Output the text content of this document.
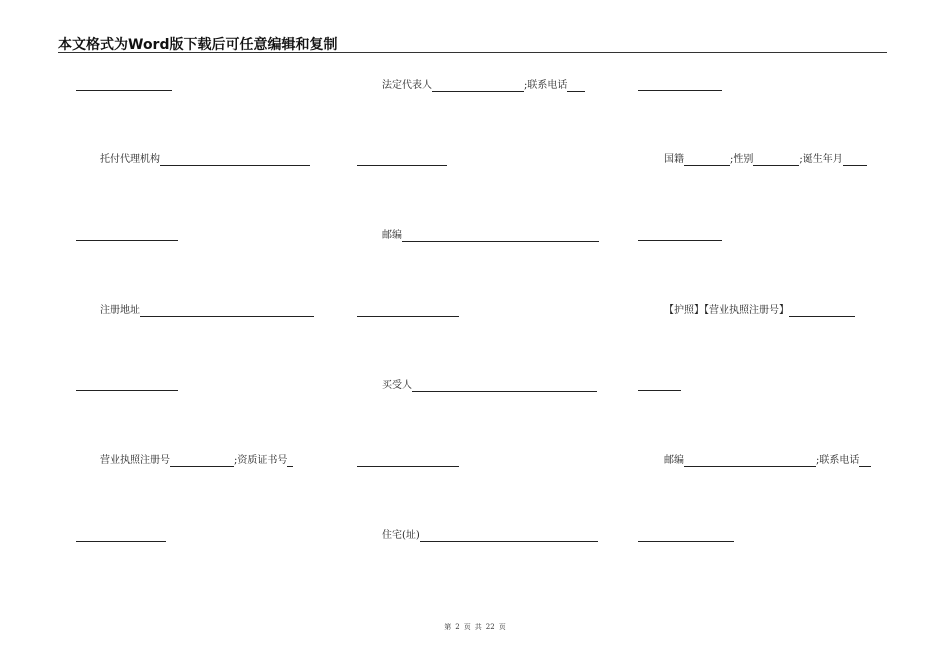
本文格式为Word版下载后可任意编辑和复制
法定代表人	;联系电话
托付代理机构	国籍	;性别	;诞生年月
邮编
注册地址	【护照】【营业执照注册号】
买受人
营业执照注册号	;资质证书号	邮编	;联系电话
住宅(址)
第 2 页 共 22 页
